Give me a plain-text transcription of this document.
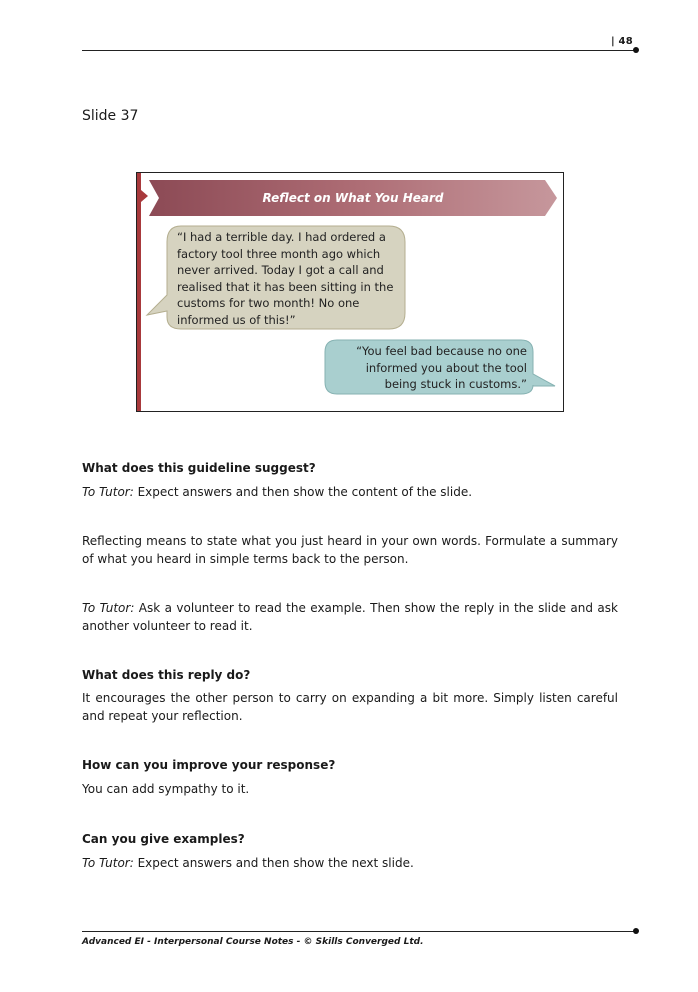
| 48
Slide 37
Reflect on What You Heard
“I had a terrible day. I had ordered a
factory tool three month ago which
never arrived. Today I got a call and
realised that it has been sitting in the
customs for two month! No one
informed us of this!”
“You feel bad because no one
informed you about the tool
being stuck in customs.”
What does this guideline suggest?
To Tutor: Expect answers and then show the content of the slide.
Reflecting means to state what you just heard in your own words. Formulate a summary of what you heard in simple terms back to the person.
To Tutor: Ask a volunteer to read the example. Then show the reply in the slide and ask another volunteer to read it.
What does this reply do?
It encourages the other person to carry on expanding a bit more. Simply listen careful and repeat your reflection.
How can you improve your response?
You can add sympathy to it.
Can you give examples?
To Tutor: Expect answers and then show the next slide.
Advanced EI - Interpersonal Course Notes - © Skills Converged Ltd.
